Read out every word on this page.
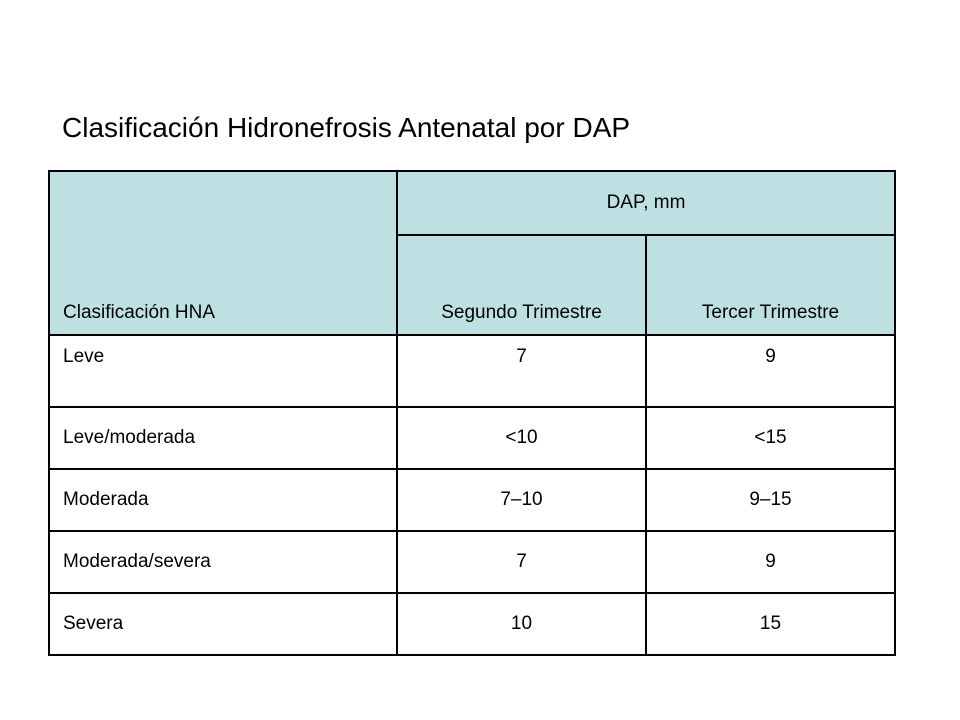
Clasificación Hidronefrosis Antenatal por DAP
Clasificación HNA	DAP, mm	
	Segundo Trimestre	Tercer Trimestre
Leve	7	9
Leve/moderada	<10	<15
Moderada	7–10	9–15
Moderada/severa	7	9
Severa	10	15
